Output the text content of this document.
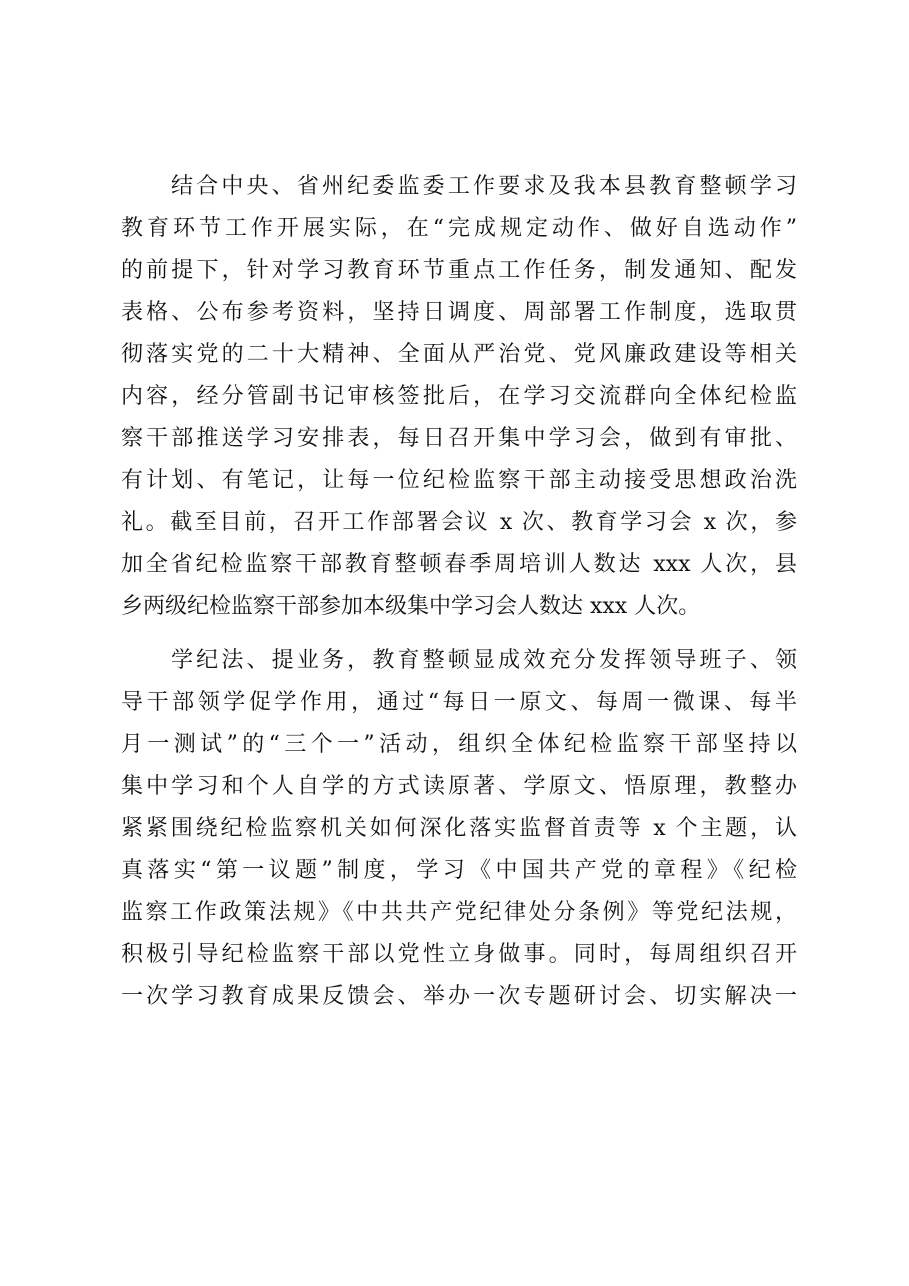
结合中央、省州纪委监委工作要求及我本县教育整顿学习
教育环节工作开展实际，在“完成规定动作、做好自选动作”
的前提下，针对学习教育环节重点工作任务，制发通知、配发
表格、公布参考资料，坚持日调度、周部署工作制度，选取贯
彻落实党的二十大精神、全面从严治党、党风廉政建设等相关
内容，经分管副书记审核签批后，在学习交流群向全体纪检监
察干部推送学习安排表，每日召开集中学习会，做到有审批、
有计划、有笔记，让每一位纪检监察干部主动接受思想政治洗
礼。截至目前，召开工作部署会议 x 次、教育学习会 x 次，参
加全省纪检监察干部教育整顿春季周培训人数达 xxx 人次，县
乡两级纪检监察干部参加本级集中学习会人数达 xxx 人次。
学纪法、提业务，教育整顿显成效充分发挥领导班子、领
导干部领学促学作用，通过“每日一原文、每周一微课、每半
月一测试”的“三个一”活动，组织全体纪检监察干部坚持以
集中学习和个人自学的方式读原著、学原文、悟原理，教整办
紧紧围绕纪检监察机关如何深化落实监督首责等 x 个主题，认
真落实“第一议题”制度，学习《中国共产党的章程》《纪检
监察工作政策法规》《中共共产党纪律处分条例》等党纪法规，
积极引导纪检监察干部以党性立身做事。同时，每周组织召开
一次学习教育成果反馈会、举办一次专题研讨会、切实解决一
